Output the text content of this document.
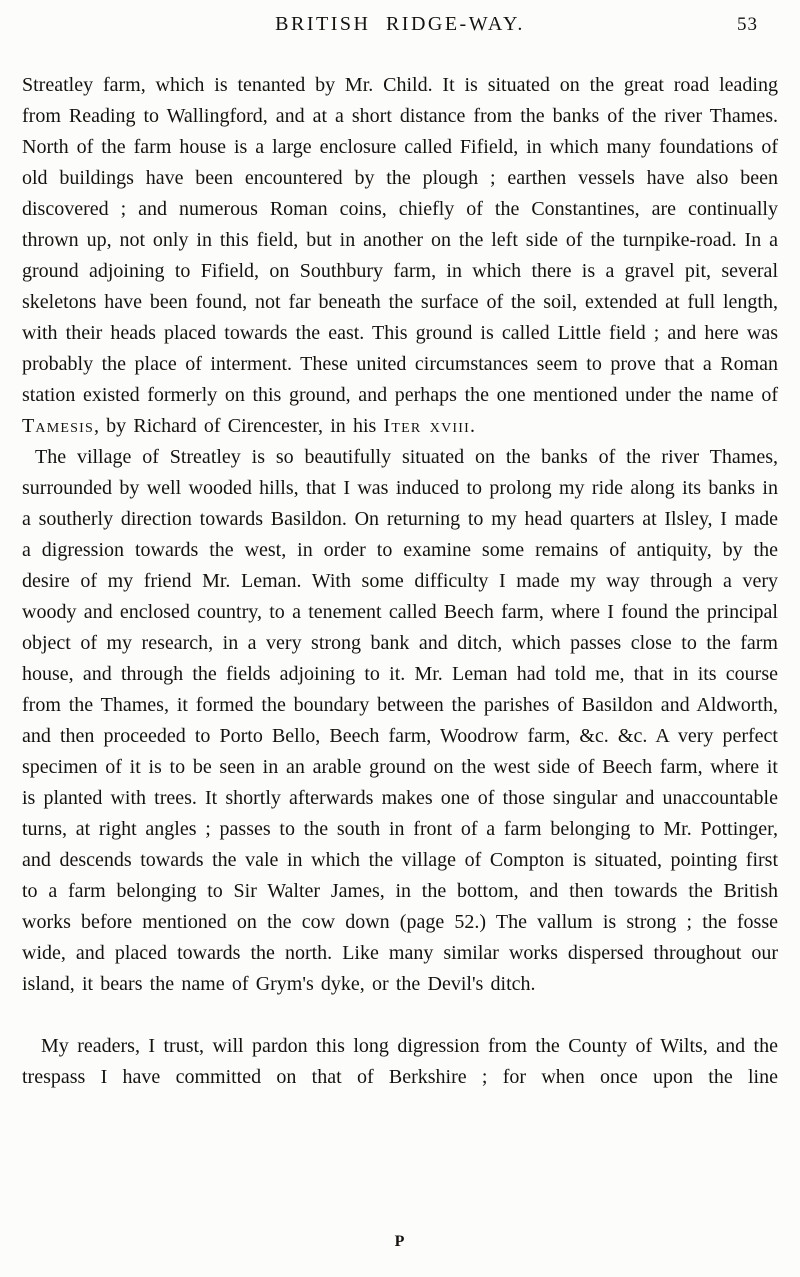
BRITISH RIDGE-WAY.	53

Streatley farm, which is tenanted by Mr. Child. It is situated on the great road leading from Reading to Wallingford, and at a short distance from the banks of the river Thames. North of the farm house is a large enclosure called Fifield, in which many foundations of old buildings have been encountered by the plough ; earthen vessels have also been discovered ; and numerous Roman coins, chiefly of the Constantines, are continually thrown up, not only in this field, but in another on the left side of the turnpike-road. In a ground adjoining to Fifield, on Southbury farm, in which there is a gravel pit, several skeletons have been found, not far beneath the surface of the soil, extended at full length, with their heads placed towards the east. This ground is called Little field ; and here was probably the place of interment. These united circumstances seem to prove that a Roman station existed formerly on this ground, and perhaps the one mentioned under the name of Tamesis, by Richard of Cirencester, in his Iter xviii.

The village of Streatley is so beautifully situated on the banks of the river Thames, surrounded by well wooded hills, that I was induced to prolong my ride along its banks in a southerly direction towards Basildon. On returning to my head quarters at Ilsley, I made a digression towards the west, in order to examine some remains of antiquity, by the desire of my friend Mr. Leman. With some difficulty I made my way through a very woody and enclosed country, to a tenement called Beech farm, where I found the principal object of my research, in a very strong bank and ditch, which passes close to the farm house, and through the fields adjoining to it. Mr. Leman had told me, that in its course from the Thames, it formed the boundary between the parishes of Basildon and Aldworth, and then proceeded to Porto Bello, Beech farm, Woodrow farm, &c. &c. A very perfect specimen of it is to be seen in an arable ground on the west side of Beech farm, where it is planted with trees. It shortly afterwards makes one of those singular and unaccountable turns, at right angles ; passes to the south in front of a farm belonging to Mr. Pottinger, and descends towards the vale in which the village of Compton is situated, pointing first to a farm belonging to Sir Walter James, in the bottom, and then towards the British works before mentioned on the cow down (page 52.) The vallum is strong ; the fosse wide, and placed towards the north. Like many similar works dispersed throughout our island, it bears the name of Grym's dyke, or the Devil's ditch.

My readers, I trust, will pardon this long digression from the County of Wilts, and the trespass I have committed on that of Berkshire ; for when once upon the line

P
